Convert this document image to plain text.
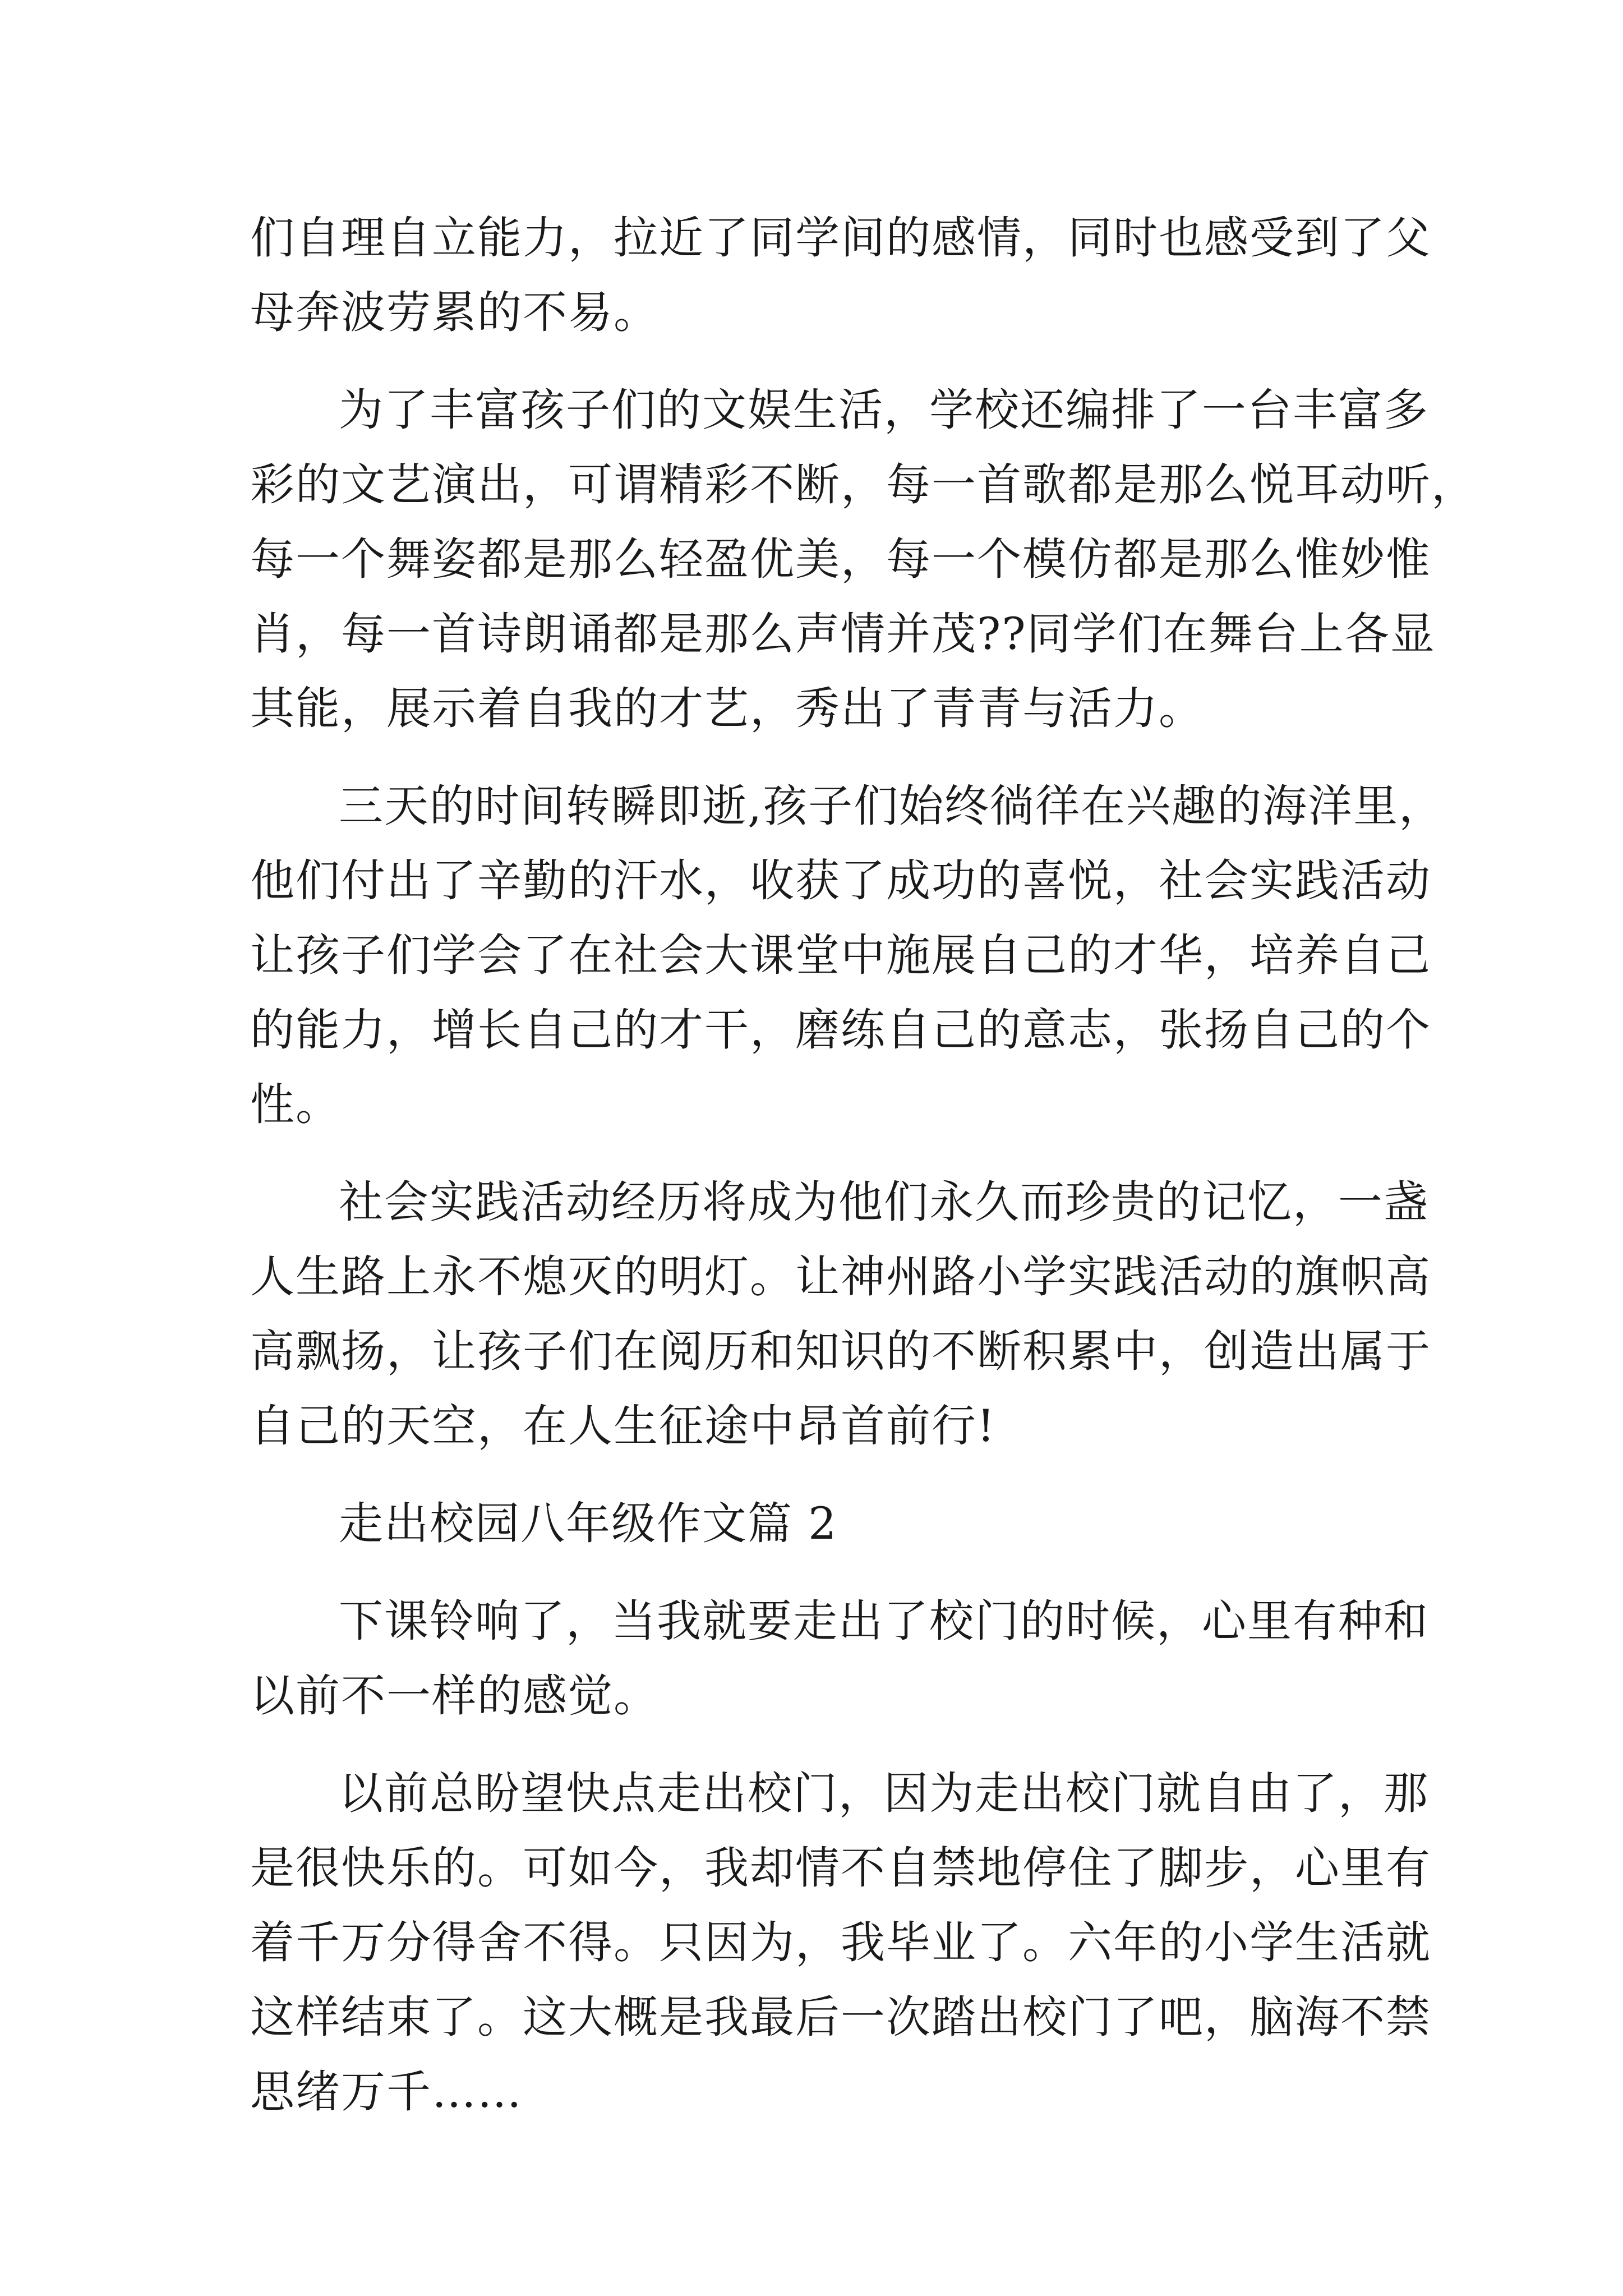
们自理自立能力，拉近了同学间的感情，同时也感受到了父
母奔波劳累的不易。
为了丰富孩子们的文娱生活，学校还编排了一台丰富多
彩的文艺演出，可谓精彩不断，每一首歌都是那么悦耳动听，
每一个舞姿都是那么轻盈优美，每一个模仿都是那么惟妙惟
肖，每一首诗朗诵都是那么声情并茂??同学们在舞台上各显
其能，展示着自我的才艺，秀出了青青与活力。
三天的时间转瞬即逝,孩子们始终徜徉在兴趣的海洋里，
他们付出了辛勤的汗水，收获了成功的喜悦，社会实践活动
让孩子们学会了在社会大课堂中施展自己的才华，培养自己
的能力，增长自己的才干，磨练自己的意志，张扬自己的个
性。
社会实践活动经历将成为他们永久而珍贵的记忆，一盏
人生路上永不熄灭的明灯。让神州路小学实践活动的旗帜高
高飘扬，让孩子们在阅历和知识的不断积累中，创造出属于
自己的天空，在人生征途中昂首前行!
走出校园八年级作文篇 2
下课铃响了，当我就要走出了校门的时候，心里有种和
以前不一样的感觉。
以前总盼望快点走出校门，因为走出校门就自由了，那
是很快乐的。可如今，我却情不自禁地停住了脚步，心里有
着千万分得舍不得。只因为，我毕业了。六年的小学生活就
这样结束了。这大概是我最后一次踏出校门了吧，脑海不禁
思绪万千……
